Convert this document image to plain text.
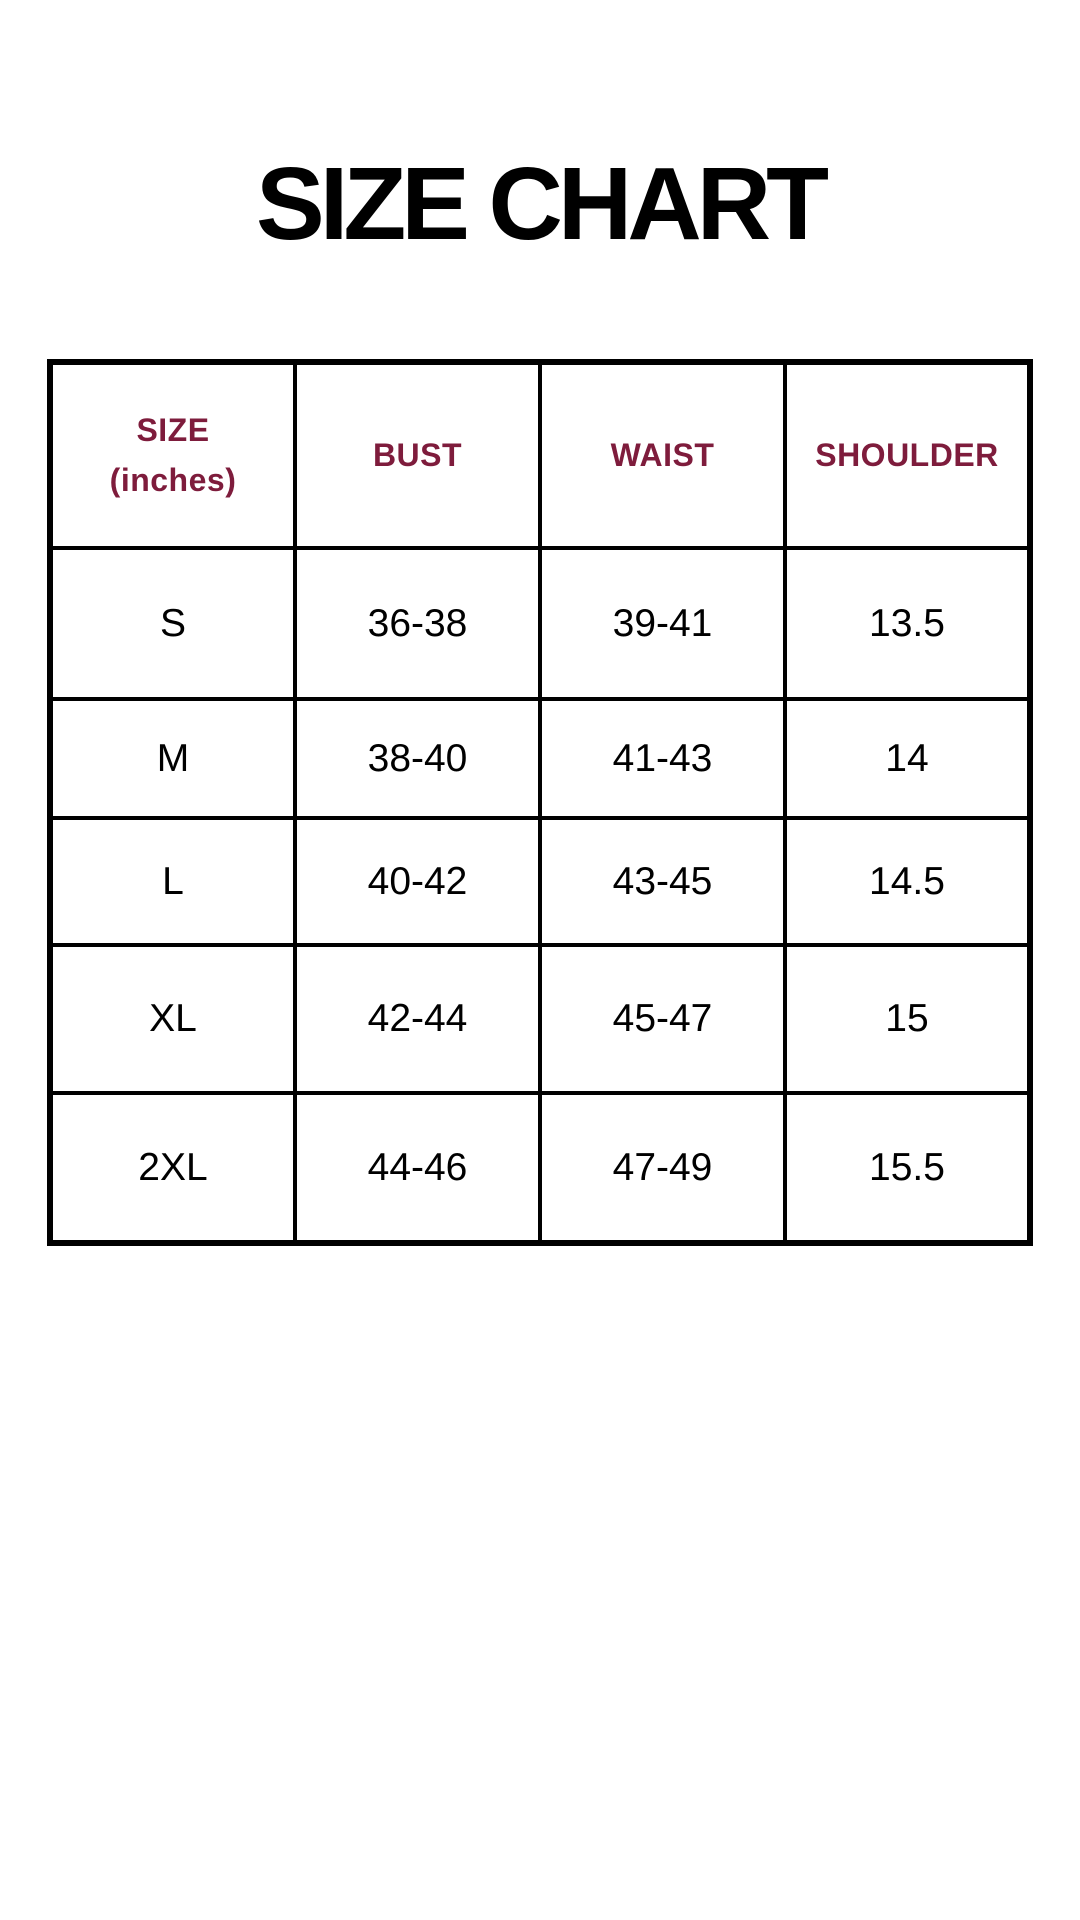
SIZE CHART
SIZE
(inches)	BUST	WAIST	SHOULDER
S	36-38	39-41	13.5
M	38-40	41-43	14
L	40-42	43-45	14.5
XL	42-44	45-47	15
2XL	44-46	47-49	15.5
